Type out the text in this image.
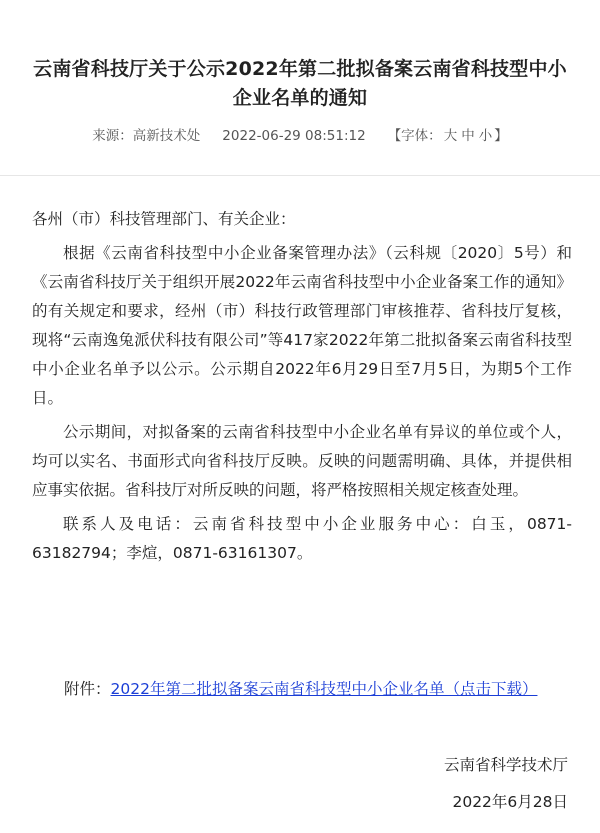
云南省科技厅关于公示2022年第二批拟备案云南省科技型中小
企业名单的通知
来源：高新技术处 2022-06-29 08:51:12 【字体： 大 中 小 】

各州（市）科技管理部门、有关企业：

根据《云南省科技型中小企业备案管理办法》（云科规〔2020〕5号）和《云南省科技厅关于组织开展2022年云南省科技型中小企业备案工作的通知》的有关规定和要求，经州（市）科技行政管理部门审核推荐、省科技厅复核，现将“云南逸兔派伏科技有限公司”等417家2022年第二批拟备案云南省科技型中小企业名单予以公示。公示期自2022年6月29日至7月5日，为期5个工作日。

公示期间，对拟备案的云南省科技型中小企业名单有异议的单位或个人，均可以实名、书面形式向省科技厅反映。反映的问题需明确、具体，并提供相应事实依据。省科技厅对所反映的问题，将严格按照相关规定核查处理。

联系人及电话：云南省科技型中小企业服务中心：白玉，0871-63182794；李煊，0871-63161307。

附件：2022年第二批拟备案云南省科技型中小企业名单（点击下载）
云南省科学技术厅
2022年6月28日
